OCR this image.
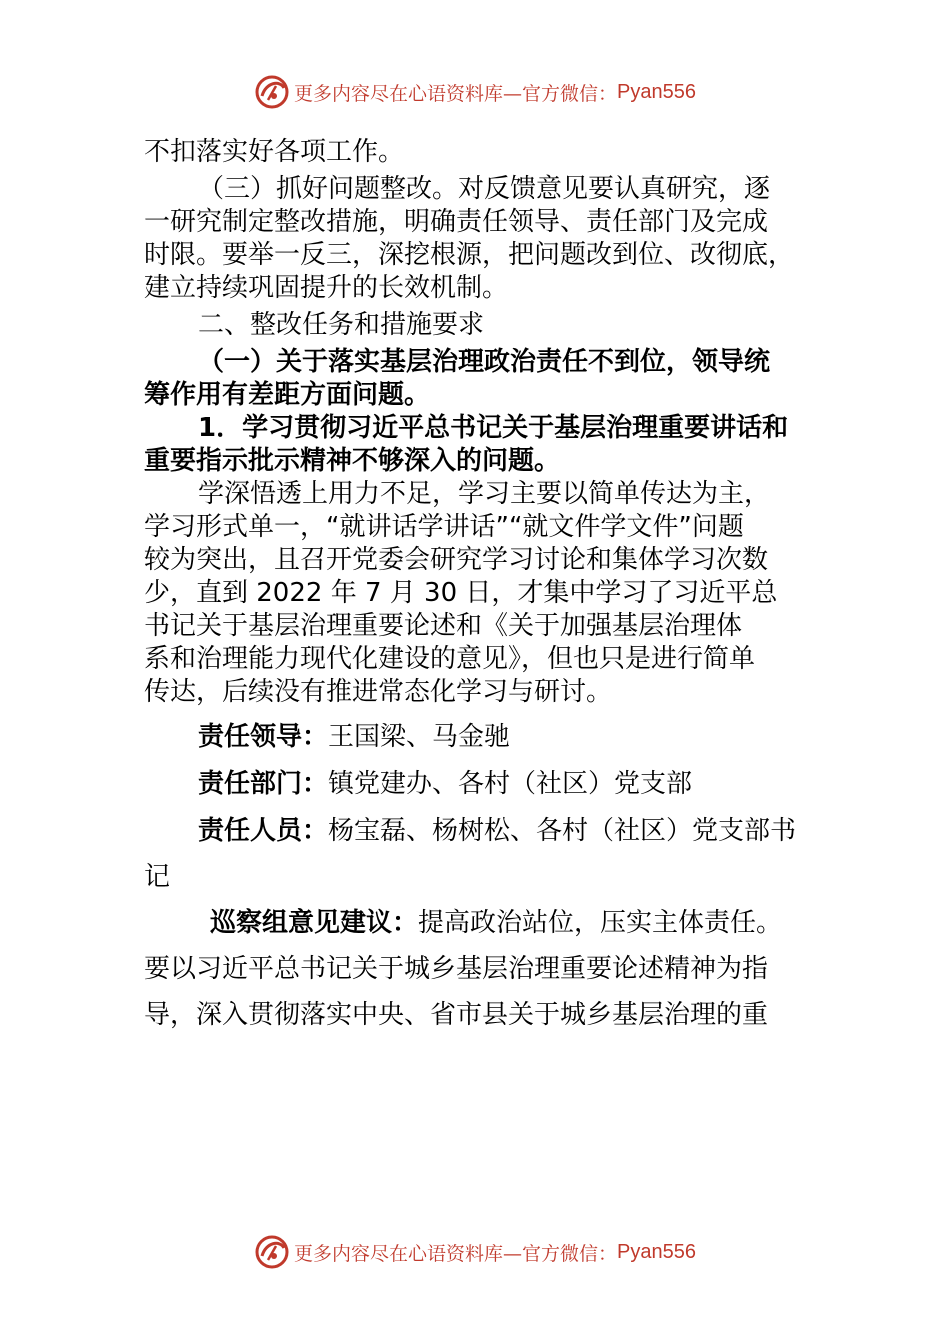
更多内容尽在心语资料库—官方微信： Pyan556

不扣落实好各项工作。

（三）抓好问题整改。对反馈意见要认真研究，逐

一研究制定整改措施，明确责任领导、责任部门及完成

时限。要举一反三，深挖根源，把问题改到位、改彻底，

建立持续巩固提升的长效机制。

二、整改任务和措施要求

（一）关于落实基层治理政治责任不到位，领导统

筹作用有差距方面问题。

1．学习贯彻习近平总书记关于基层治理重要讲话和

重要指示批示精神不够深入的问题。

学深悟透上用力不足，学习主要以简单传达为主，

学习形式单一，“就讲话学讲话”“就文件学文件”问题

较为突出，且召开党委会研究学习讨论和集体学习次数

少，直到 2022 年 7 月 30 日，才集中学习了习近平总

书记关于基层治理重要论述和《关于加强基层治理体

系和治理能力现代化建设的意见》，但也只是进行简单

传达，后续没有推进常态化学习与研讨。

责任领导：王国梁、马金驰

责任部门：镇党建办、各村（社区）党支部

责任人员：杨宝磊、杨树松、各村（社区）党支部书

记

巡察组意见建议：提高政治站位，压实主体责任。

要以习近平总书记关于城乡基层治理重要论述精神为指

导，深入贯彻落实中央、省市县关于城乡基层治理的重

更多内容尽在心语资料库—官方微信： Pyan556
